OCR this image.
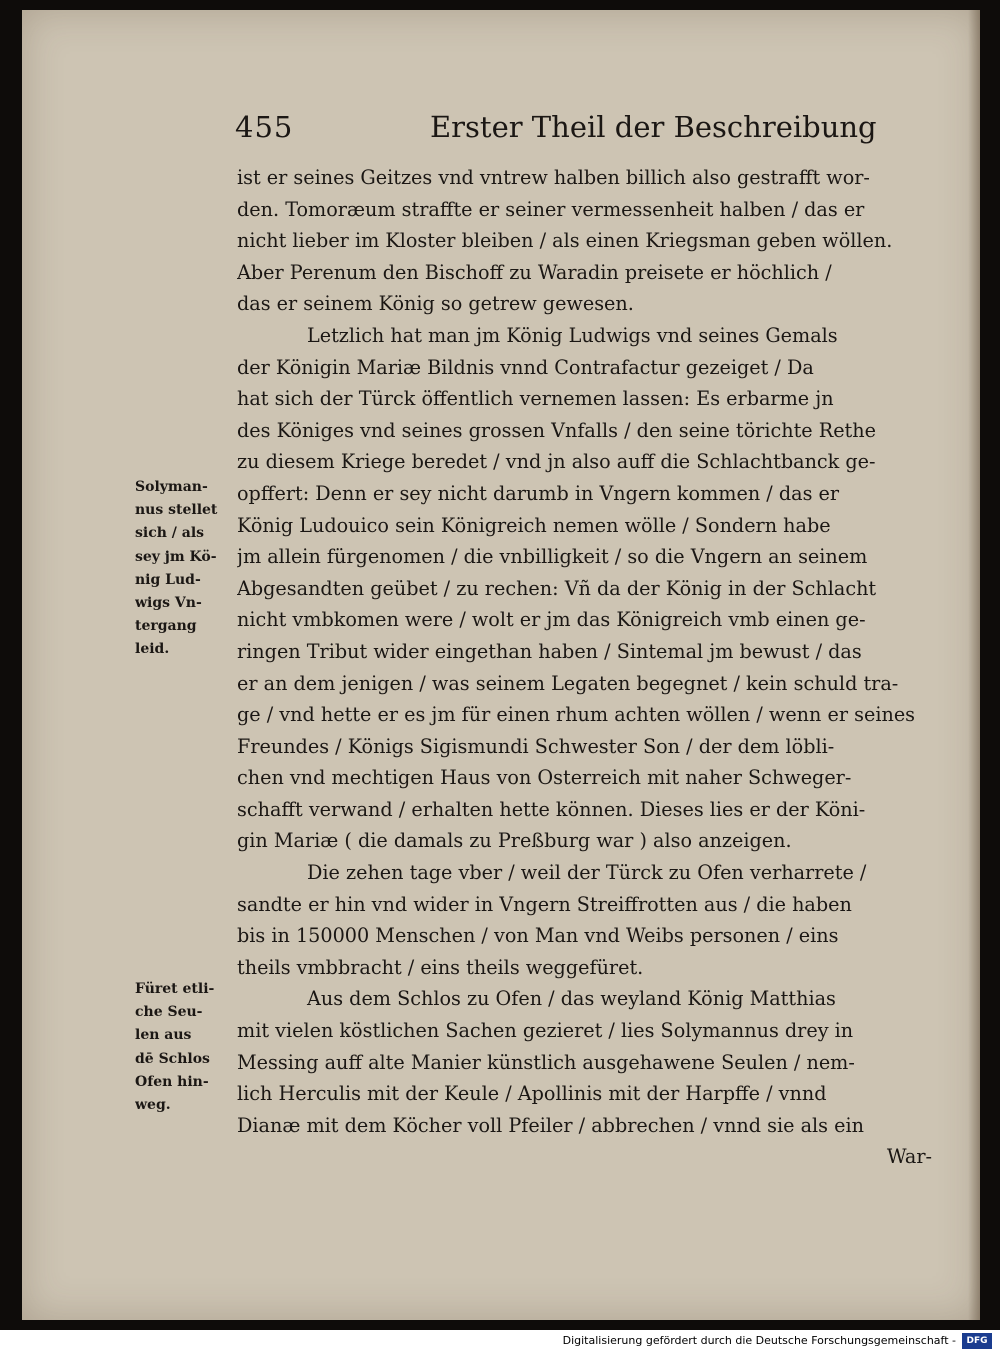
455	Erster Theil der Beschreibung
ist er seines Geitzes vnd vntrew halben billich also gestrafft wor-
den. Tomoræum straffte er seiner vermessenheit halben / das er
nicht lieber im Kloster bleiben / als einen Kriegsman geben wöllen.
Aber Perenum den Bischoff zu Waradin preisete er höchlich /
das er seinem König so getrew gewesen.
Letzlich hat man jm König Ludwigs vnd seines Gemals
der Königin Mariæ Bildnis vnnd Contrafactur gezeiget / Da
hat sich der Türck öffentlich vernemen lassen: Es erbarme jn
des Königes vnd seines grossen Vnfalls / den seine törichte Rethe
zu diesem Kriege beredet / vnd jn also auff die Schlachtbanck ge-
opffert: Denn er sey nicht darumb in Vngern kommen / das er
König Ludouico sein Königreich nemen wölle / Sondern habe
jm allein fürgenomen / die vnbilligkeit / so die Vngern an seinem
Abgesandten geübet / zu rechen: Vñ da der König in der Schlacht
nicht vmbkomen were / wolt er jm das Königreich vmb einen ge-
ringen Tribut wider eingethan haben / Sintemal jm bewust / das
er an dem jenigen / was seinem Legaten begegnet / kein schuld tra-
ge / vnd hette er es jm für einen rhum achten wöllen / wenn er seines
Freundes / Königs Sigismundi Schwester Son / der dem löbli-
chen vnd mechtigen Haus von Osterreich mit naher Schweger-
schafft verwand / erhalten hette können. Dieses lies er der Köni-
gin Mariæ ( die damals zu Preßburg war ) also anzeigen.
Die zehen tage vber / weil der Türck zu Ofen verharrete /
sandte er hin vnd wider in Vngern Streiffrotten aus / die haben
bis in 150000 Menschen / von Man vnd Weibs personen / eins
theils vmbbracht / eins theils weggefüret.
Aus dem Schlos zu Ofen / das weyland König Matthias
mit vielen köstlichen Sachen gezieret / lies Solymannus drey in
Messing auff alte Manier künstlich ausgehawene Seulen / nem-
lich Herculis mit der Keule / Apollinis mit der Harpffe / vnnd
Dianæ mit dem Köcher voll Pfeiler / abbrechen / vnnd sie als ein
War-
Solyman-
nus stellet
sich / als
sey jm Kö-
nig Lud-
wigs Vn-
tergang
leid.
Füret etli-
che Seu-
len aus
dē Schlos
Ofen hin-
weg.
Digitalisierung gefördert durch die Deutsche Forschungsgemeinschaft -	DFG
